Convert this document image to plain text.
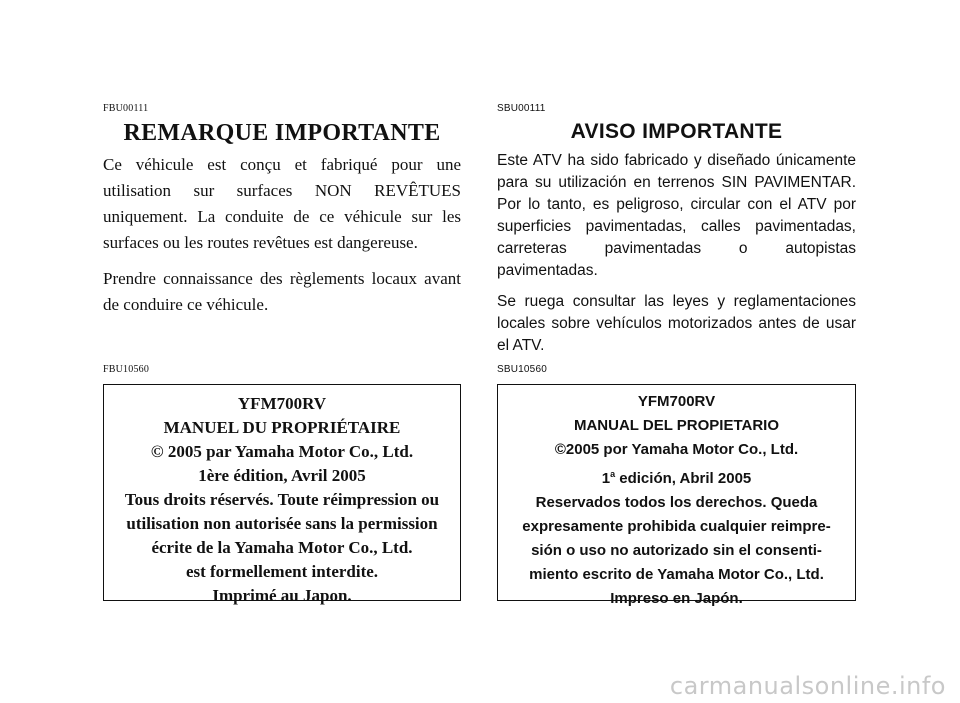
FBU00111
REMARQUE IMPORTANTE

Ce véhicule est conçu et fabriqué pour une utilisation sur surfaces NON REVÊTUES uniquement. La conduite de ce véhicule sur les surfaces ou les routes revêtues est dangereuse.

Prendre connaissance des règlements locaux avant de conduire ce véhicule.

FBU10560
YFM700RV
MANUEL DU PROPRIÉTAIRE
© 2005 par Yamaha Motor Co., Ltd.
1ère édition, Avril 2005
Tous droits réservés. Toute réimpression ou
utilisation non autorisée sans la permission
écrite de la Yamaha Motor Co., Ltd.
est formellement interdite.
Imprimé au Japon.
SBU00111
AVISO IMPORTANTE

Este ATV ha sido fabricado y diseñado únicamente para su utilización en terrenos SIN PAVIMENTAR. Por lo tanto, es peligroso, circular con el ATV por superficies pavimentadas, calles pavimentadas, carreteras pavimentadas o autopistas pavimentadas.

Se ruega consultar las leyes y reglamentaciones locales sobre vehículos motorizados antes de usar el ATV.

SBU10560
YFM700RV
MANUAL DEL PROPIETARIO
©2005 por Yamaha Motor Co., Ltd.
1$^a$ edición, Abril 2005
Reservados todos los derechos. Queda
expresamente prohibida cualquier reimpre-
sión o uso no autorizado sin el consenti-
miento escrito de Yamaha Motor Co., Ltd.
Impreso en Japón.
carmanualsonline.info
